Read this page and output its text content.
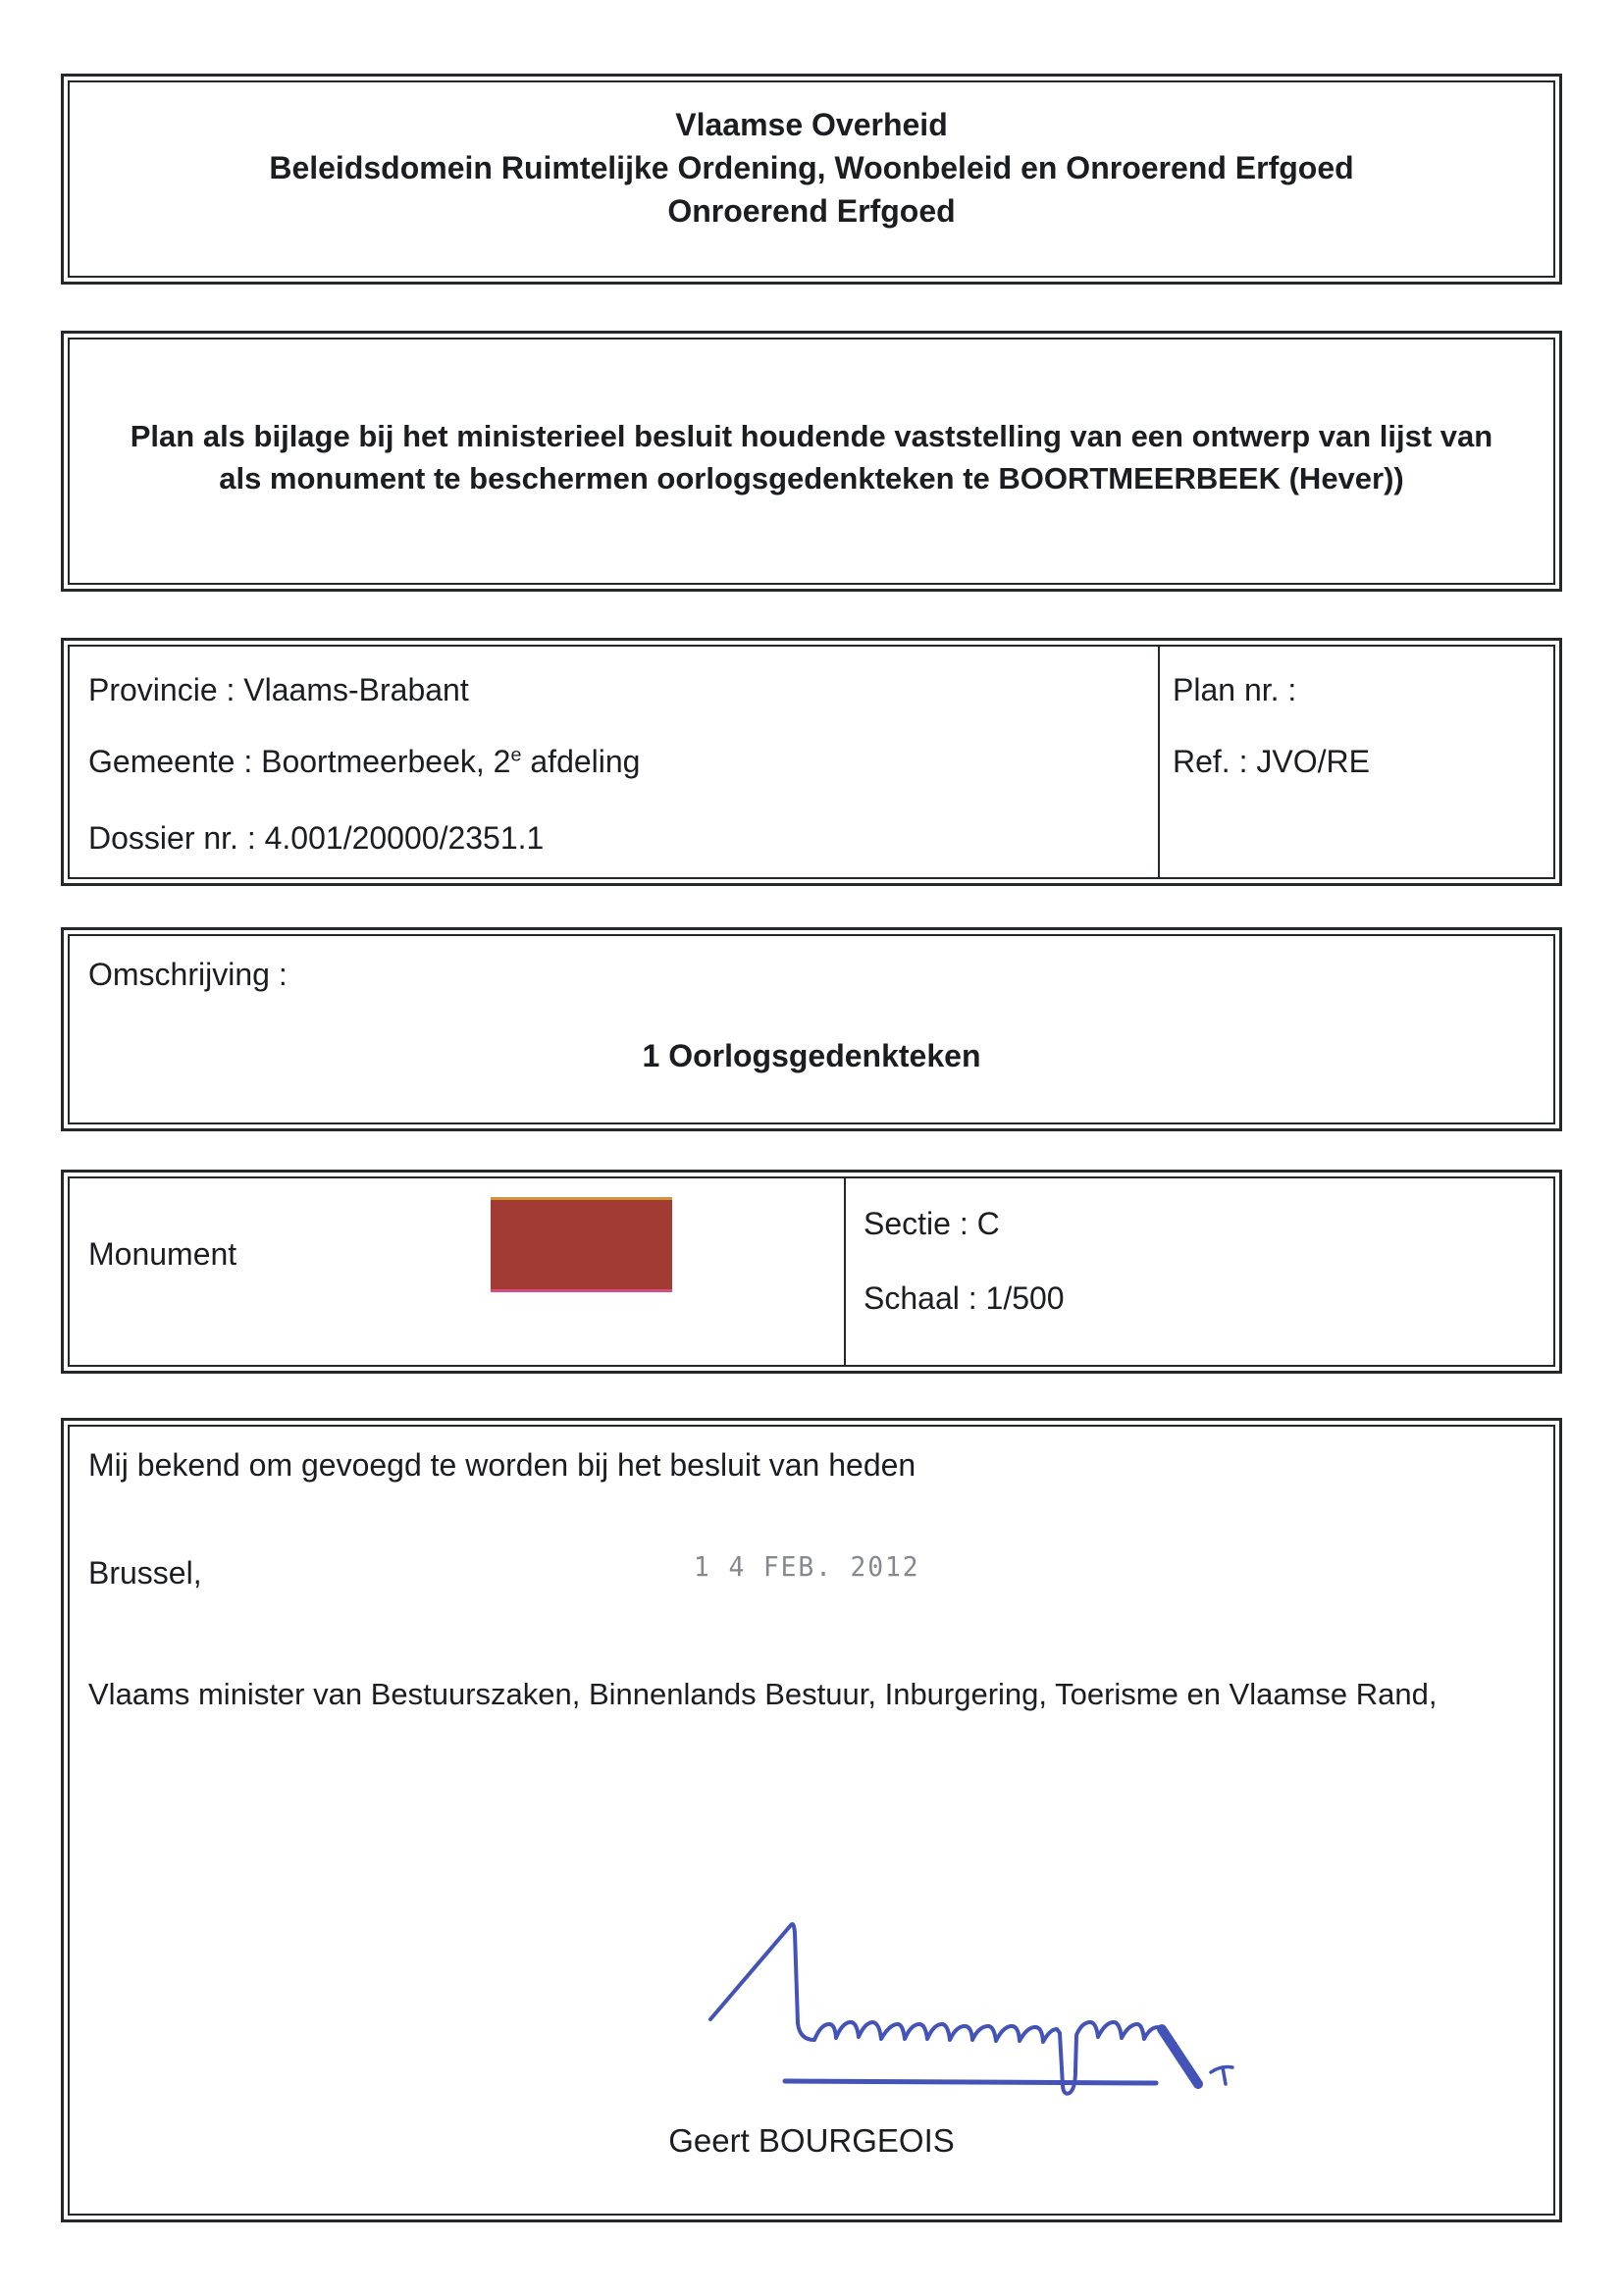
Vlaamse Overheid
Beleidsdomein Ruimtelijke Ordening, Woonbeleid en Onroerend Erfgoed
Onroerend Erfgoed
Plan als bijlage bij het ministerieel besluit houdende vaststelling van een ontwerp van lijst van
als monument te beschermen oorlogsgedenkteken te BOORTMEERBEEK (Hever))
Provincie : Vlaams-Brabant
Gemeente : Boortmeerbeek, 2e afdeling
Dossier nr. : 4.001/20000/2351.1
Plan nr. :
Ref. : JVO/RE
Omschrijving :
1 Oorlogsgedenkteken
Monument
Sectie : C
Schaal : 1/500
Mij bekend om gevoegd te worden bij het besluit van heden
Brussel,	1 4 FEB. 2012
Vlaams minister van Bestuurszaken, Binnenlands Bestuur, Inburgering, Toerisme en Vlaamse Rand,
Geert BOURGEOIS
